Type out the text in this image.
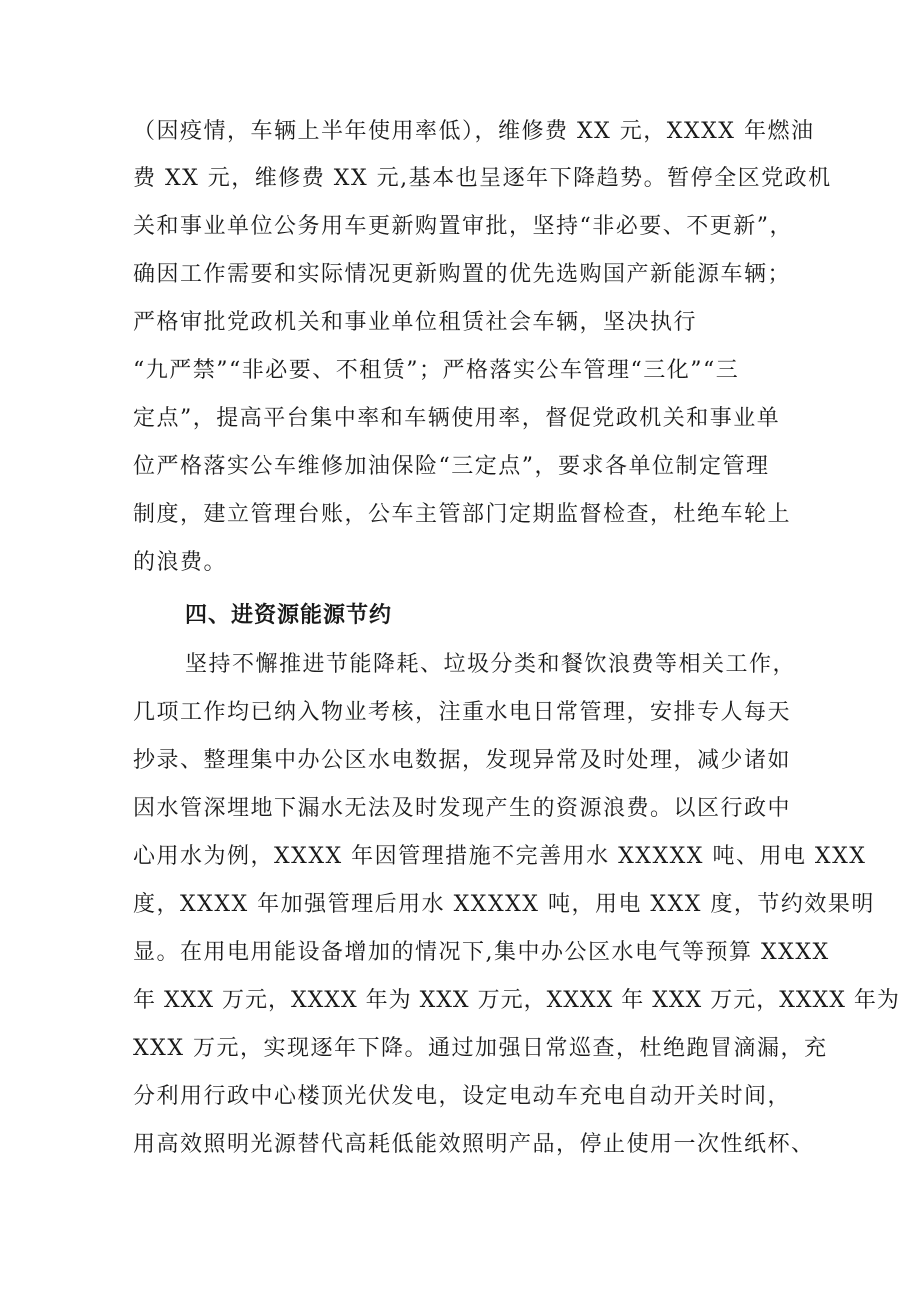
（因疫情，车辆上半年使用率低），维修费 XX 元，XXXX 年燃油
费 XX 元，维修费 XX 元,基本也呈逐年下降趋势。暂停全区党政机
关和事业单位公务用车更新购置审批，坚持“非必要、不更新”，
确因工作需要和实际情况更新购置的优先选购国产新能源车辆；
严格审批党政机关和事业单位租赁社会车辆，坚决执行
“九严禁”“非必要、不租赁”；严格落实公车管理“三化”“三
定点”，提高平台集中率和车辆使用率，督促党政机关和事业单
位严格落实公车维修加油保险“三定点”，要求各单位制定管理
制度，建立管理台账，公车主管部门定期监督检查，杜绝车轮上
的浪费。
四、进资源能源节约
坚持不懈推进节能降耗、垃圾分类和餐饮浪费等相关工作，
几项工作均已纳入物业考核，注重水电日常管理，安排专人每天
抄录、整理集中办公区水电数据，发现异常及时处理，减少诸如
因水管深埋地下漏水无法及时发现产生的资源浪费。以区行政中
心用水为例，XXXX 年因管理措施不完善用水 XXXXX 吨、用电 XXX
度，XXXX 年加强管理后用水 XXXXX 吨，用电 XXX 度，节约效果明
显。在用电用能设备增加的情况下,集中办公区水电气等预算 XXXX
年 XXX 万元，XXXX 年为 XXX 万元，XXXX 年 XXX 万元，XXXX 年为
XXX 万元，实现逐年下降。通过加强日常巡查，杜绝跑冒滴漏，充
分利用行政中心楼顶光伏发电，设定电动车充电自动开关时间，
用高效照明光源替代高耗低能效照明产品，停止使用一次性纸杯、
